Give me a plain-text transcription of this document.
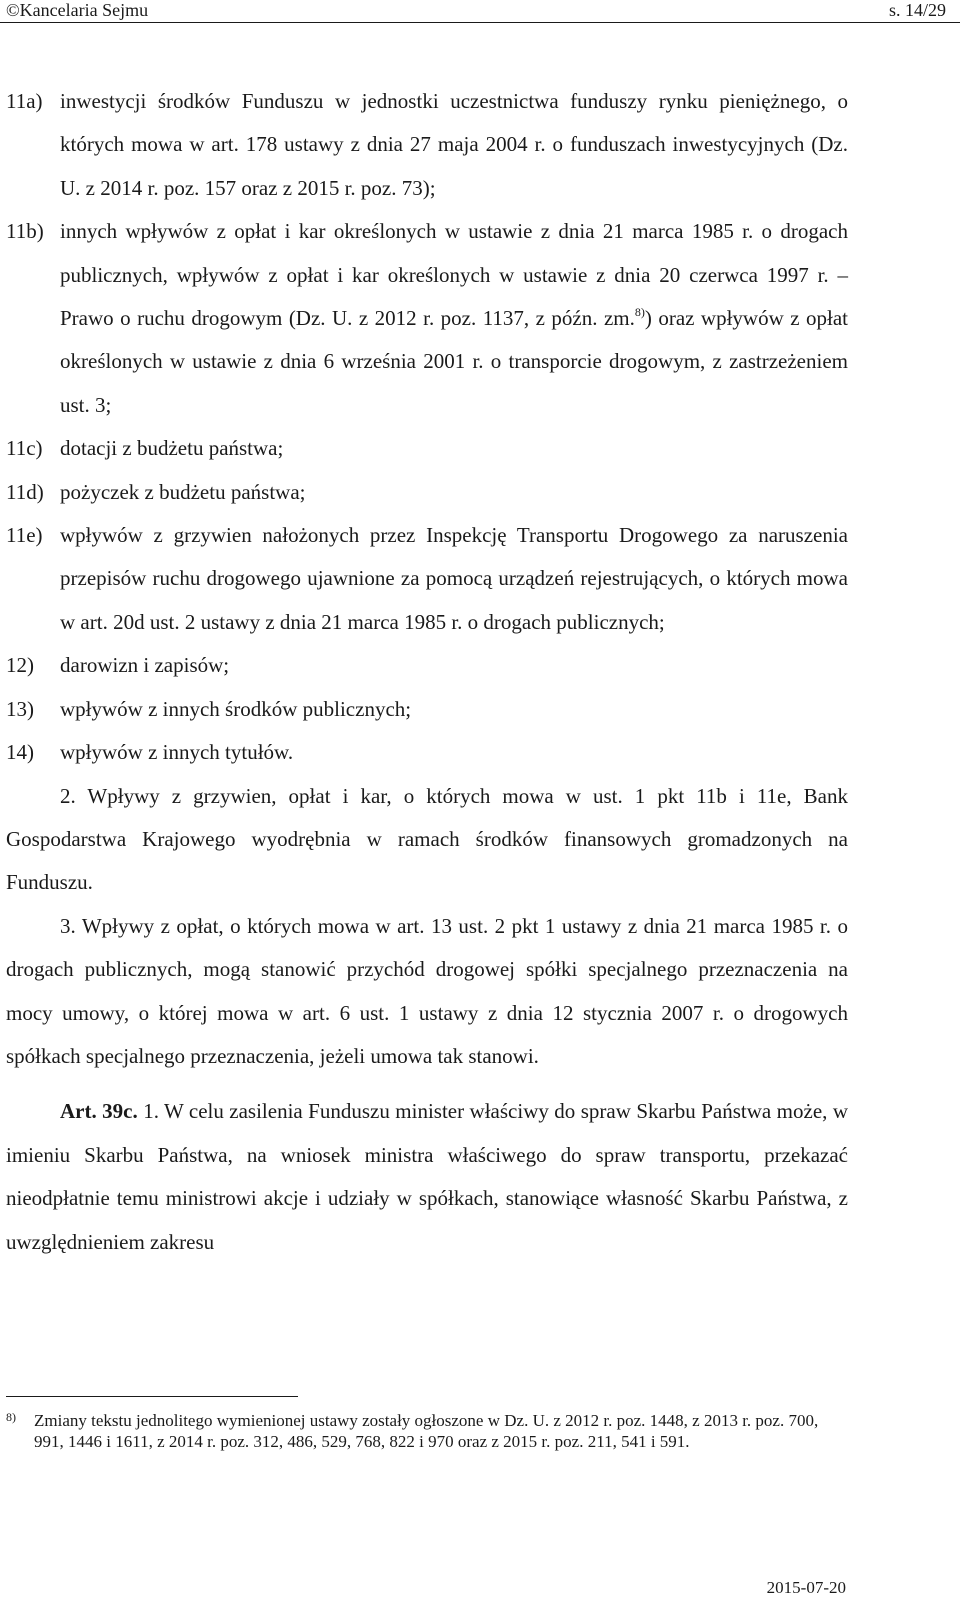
©Kancelaria Sejmu	s. 14/29
11a) inwestycji środków Funduszu w jednostki uczestnictwa funduszy rynku pieniężnego, o których mowa w art. 178 ustawy z dnia 27 maja 2004 r. o funduszach inwestycyjnych (Dz. U. z 2014 r. poz. 157 oraz z 2015 r. poz. 73);
11b) innych wpływów z opłat i kar określonych w ustawie z dnia 21 marca 1985 r. o drogach publicznych, wpływów z opłat i kar określonych w ustawie z dnia 20 czerwca 1997 r. – Prawo o ruchu drogowym (Dz. U. z 2012 r. poz. 1137, z późn. zm.$^{8)}$) oraz wpływów z opłat określonych w ustawie z dnia 6 września 2001 r. o transporcie drogowym, z zastrzeżeniem ust. 3;
11c) dotacji z budżetu państwa;
11d) pożyczek z budżetu państwa;
11e) wpływów z grzywien nałożonych przez Inspekcję Transportu Drogowego za naruszenia przepisów ruchu drogowego ujawnione za pomocą urządzeń rejestrujących, o których mowa w art. 20d ust. 2 ustawy z dnia 21 marca 1985 r. o drogach publicznych;
12)	darowizn i zapisów;
13)	wpływów z innych środków publicznych;
14)	wpływów z innych tytułów.

2. Wpływy z grzywien, opłat i kar, o których mowa w ust. 1 pkt 11b i 11e, Bank Gospodarstwa Krajowego wyodrębnia w ramach środków finansowych gromadzonych na Funduszu.

3. Wpływy z opłat, o których mowa w art. 13 ust. 2 pkt 1 ustawy z dnia 21 marca 1985 r. o drogach publicznych, mogą stanowić przychód drogowej spółki specjalnego przeznaczenia na mocy umowy, o której mowa w art. 6 ust. 1 ustawy z dnia 12 stycznia 2007 r. o drogowych spółkach specjalnego przeznaczenia, jeżeli umowa tak stanowi.

Art. 39c. 1. W celu zasilenia Funduszu minister właściwy do spraw Skarbu Państwa może, w imieniu Skarbu Państwa, na wniosek ministra właściwego do spraw transportu, przekazać nieodpłatnie temu ministrowi akcje i udziały w spółkach, stanowiące własność Skarbu Państwa, z uwzględnieniem zakresu

8)	Zmiany tekstu jednolitego wymienionej ustawy zostały ogłoszone w Dz. U. z 2012 r. poz. 1448, z 2013 r. poz. 700, 991, 1446 i 1611, z 2014 r. poz. 312, 486, 529, 768, 822 i 970 oraz z 2015 r. poz. 211, 541 i 591.
2015-07-20
